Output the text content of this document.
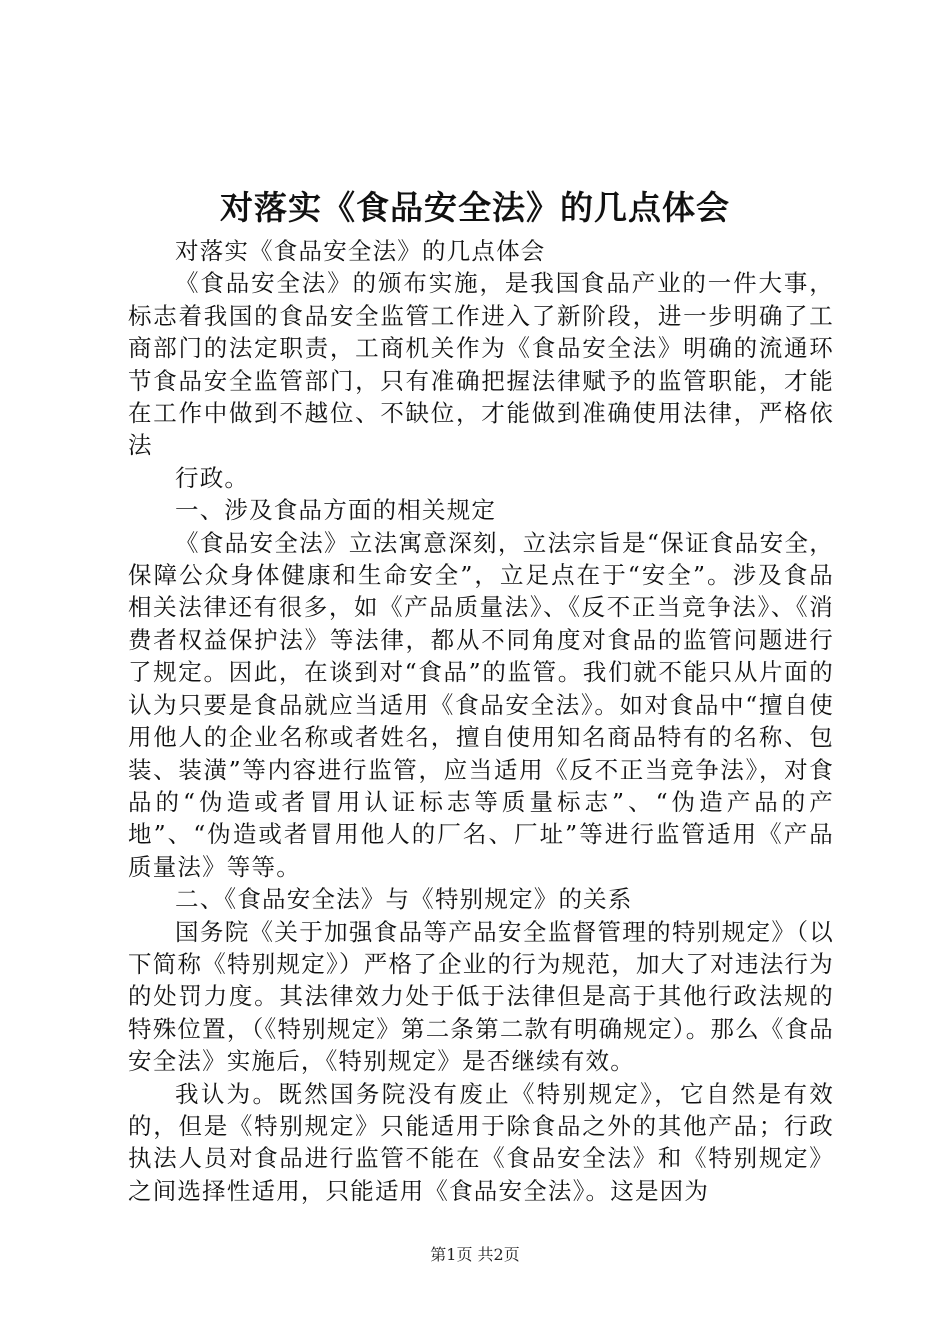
对落实《食品安全法》的几点体会

对落实《食品安全法》的几点体会

《食品安全法》的颁布实施，是我国食品产业的一件大事，标志着我国的食品安全监管工作进入了新阶段，进一步明确了工商部门的法定职责，工商机关作为《食品安全法》明确的流通环节食品安全监管部门，只有准确把握法律赋予的监管职能，才能在工作中做到不越位、不缺位，才能做到准确使用法律，严格依法

行政。

一、涉及食品方面的相关规定

《食品安全法》立法寓意深刻，立法宗旨是“保证食品安全，保障公众身体健康和生命安全”，立足点在于“安全”。涉及食品相关法律还有很多，如《产品质量法》、《反不正当竞争法》、《消费者权益保护法》等法律，都从不同角度对食品的监管问题进行了规定。因此，在谈到对“食品”的监管。我们就不能只从片面的认为只要是食品就应当适用《食品安全法》。如对食品中“擅自使用他人的企业名称或者姓名，擅自使用知名商品特有的名称、包装、装潢”等内容进行监管，应当适用《反不正当竞争法》，对食品的“伪造或者冒用认证标志等质量标志”、“伪造产品的产地”、“伪造或者冒用他人的厂名、厂址”等进行监管适用《产品质量法》等等。

二、《食品安全法》与《特别规定》的关系

国务院《关于加强食品等产品安全监督管理的特别规定》（以下简称《特别规定》）严格了企业的行为规范，加大了对违法行为的处罚力度。其法律效力处于低于法律但是高于其他行政法规的特殊位置，（《特别规定》第二条第二款有明确规定）。那么《食品安全法》实施后，《特别规定》是否继续有效。

我认为。既然国务院没有废止《特别规定》，它自然是有效的，但是《特别规定》只能适用于除食品之外的其他产品；行政执法人员对食品进行监管不能在《食品安全法》和《特别规定》之间选择性适用，只能适用《食品安全法》。这是因为

第1页 共2页
